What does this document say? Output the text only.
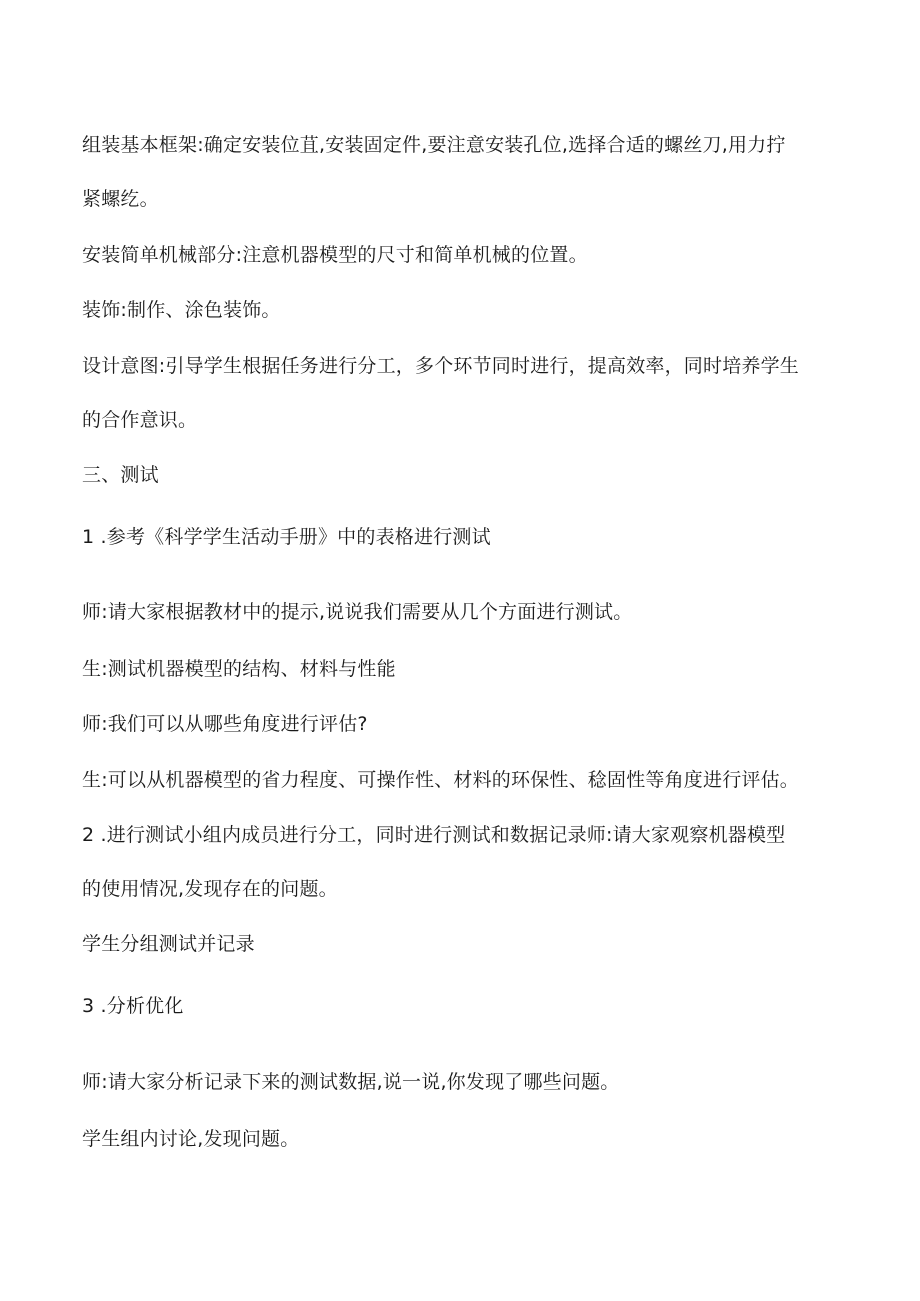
组装基本框架:确定安装位苴,安装固定件,要注意安装孔位,选择合适的螺丝刀,用力拧

紧螺纥。

安装简单机械部分:注意机器模型的尺寸和简单机械的位置。

装饰:制作、涂色装饰。

设计意图:引导学生根据任务进行分工，多个环节同时进行，提高效率，同时培养学生

的合作意识。

三、测试

1 .参考《科学学生活动手册》中的表格进行测试

师:请大家根据教材中的提示,说说我们需要从几个方面进行测试。

生:测试机器模型的结构、材料与性能

师:我们可以从哪些角度进行评估?

生:可以从机器模型的省力程度、可操作性、材料的环保性、稔固性等角度进行评估。

2 .进行测试小组内成员进行分工，同时进行测试和数据记录师:请大家观察机器模型

的使用情况,发现存在的问题。

学生分组测试并记录

3 .分析优化

师:请大家分析记录下来的测试数据,说一说,你发现了哪些问题。

学生组内讨论,发现问题。
